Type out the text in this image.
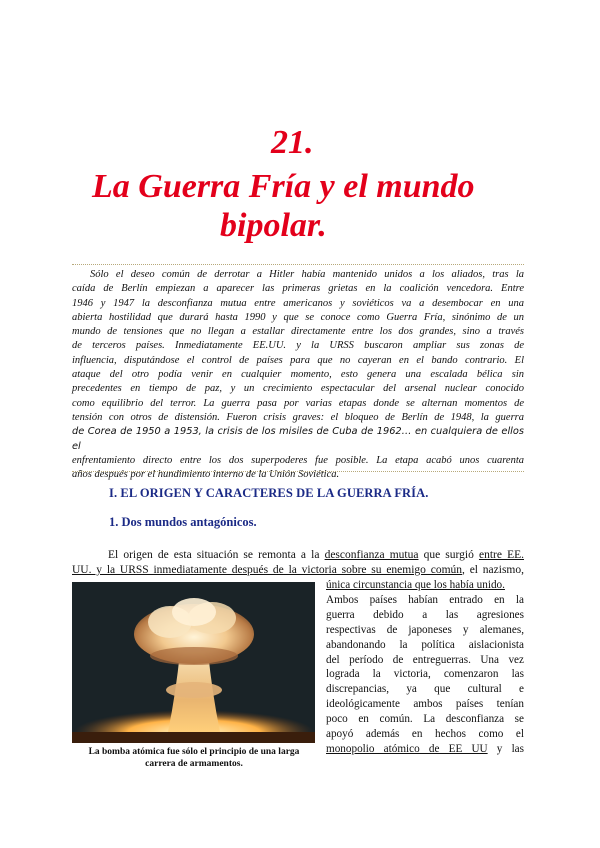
21.
La Guerra Fría y el mundo
bipolar.
Sólo el deseo común de derrotar a Hitler había mantenido unidos a los aliados, tras la
caída de Berlín empiezan a aparecer las primeras grietas en la coalición vencedora. Entre
1946 y 1947 la desconfianza mutua entre americanos y soviéticos va a desembocar en una
abierta hostilidad que durará hasta 1990 y que se conoce como Guerra Fría, sinónimo de un
mundo de tensiones que no llegan a estallar directamente entre los dos grandes, sino a través
de terceros países. Inmediatamente EE.UU. y la URSS buscaron ampliar sus zonas de
influencia, disputándose el control de países para que no cayeran en el bando contrario. El
ataque del otro podía venir en cualquier momento, esto genera una escalada bélica sin
precedentes en tiempo de paz, y un crecimiento espectacular del arsenal nuclear conocido
como equilibrio del terror. La guerra pasa por varias etapas donde se alternan momentos de
tensión con otros de distensión. Fueron crisis graves: el bloqueo de Berlín de 1948, la guerra
de Corea de 1950 a 1953, la crisis de los misiles de Cuba de 1962… en cualquiera de ellos el
enfrentamiento directo entre los dos superpoderes fue posible. La etapa acabó unos cuarenta
años después por el hundimiento interno de la Unión Soviética.
I. EL ORIGEN Y CARACTERES DE LA GUERRA FRÍA.
1. Dos mundos antagónicos.
El origen de esta situación se remonta a la desconfianza mutua que surgió entre EE.
UU. y la URSS inmediatamente después de la victoria sobre su enemigo común, el nazismo,
única circunstancia que los había unido.
Ambos países habían entrado en la
guerra debido a las agresiones
respectivas de japoneses y alemanes,
abandonando la política aislacionista
del período de entreguerras. Una vez
lograda la victoria, comenzaron las
discrepancias, ya que cultural e
ideológicamente ambos países tenían
poco en común. La desconfianza se
apoyó además en hechos como el
monopolio atómico de EE UU y las
La bomba atómica fue sólo el principio de una larga
carrera de armamentos.
